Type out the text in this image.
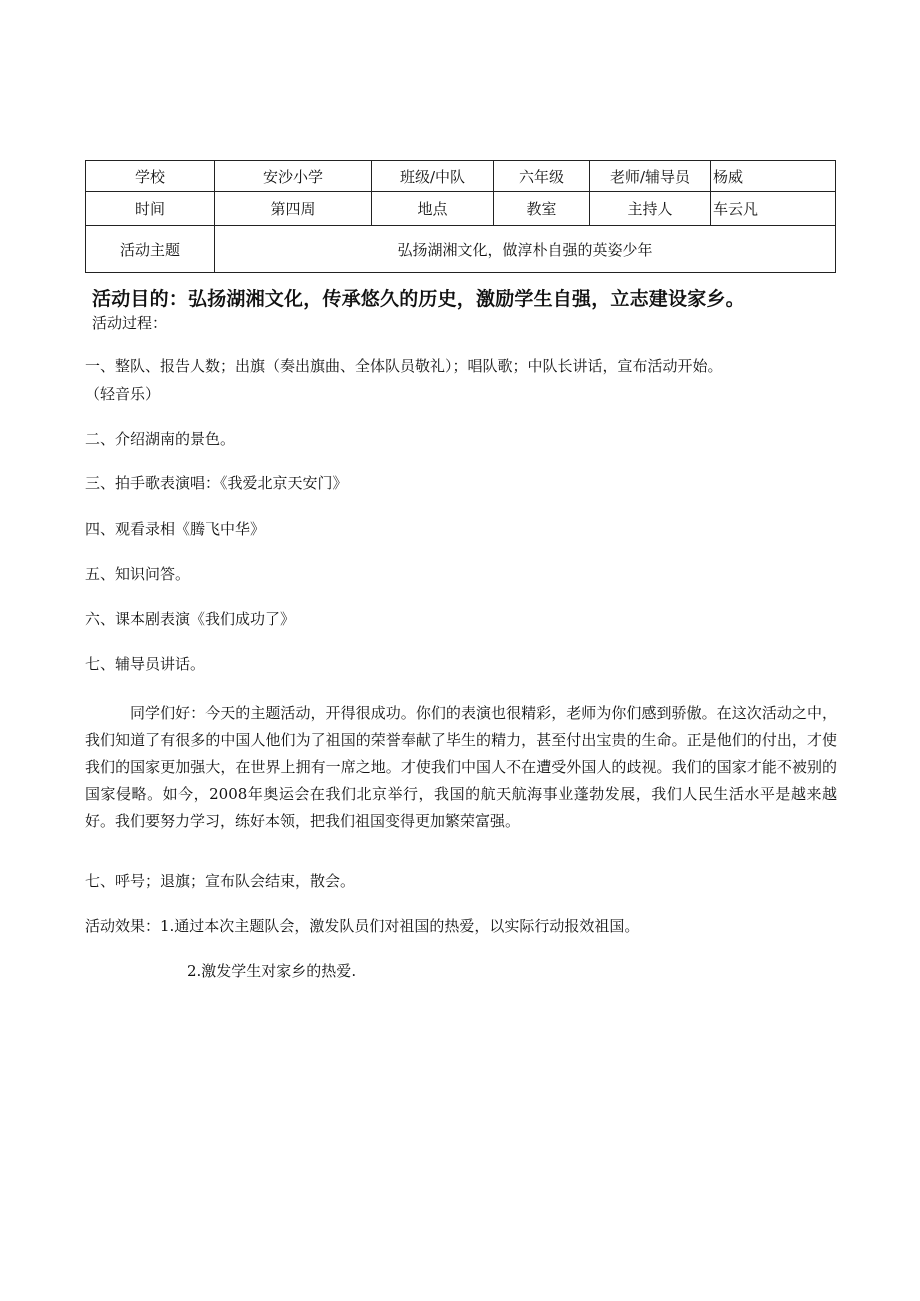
学校	安沙小学	班级/中队	六年级	老师/辅导员	杨威
时间	第四周	地点	教室	主持人	车云凡
活动主题	弘扬湖湘文化，做淳朴自强的英姿少年				
活动目的：弘扬湖湘文化，传承悠久的历史，激励学生自强，立志建设家乡。
活动过程：
一、整队、报告人数；出旗（奏出旗曲、全体队员敬礼）；唱队歌；中队长讲话，宣布活动开始。
（轻音乐）
二、介绍湖南的景色。
三、拍手歌表演唱：《我爱北京天安门》
四、观看录相《腾飞中华》
五、知识问答。
六、课本剧表演《我们成功了》
七、辅导员讲话。
同学们好：今天的主题活动，开得很成功。你们的表演也很精彩，老师为你们感到骄傲。在这次活动之中，我们知道了有很多的中国人他们为了祖国的荣誉奉献了毕生的精力，甚至付出宝贵的生命。正是他们的付出，才使我们的国家更加强大，在世界上拥有一席之地。才使我们中国人不在遭受外国人的歧视。我们的国家才能不被别的国家侵略。如今，2008年奥运会在我们北京举行，我国的航天航海事业蓬勃发展，我们人民生活水平是越来越好。我们要努力学习，练好本领，把我们祖国变得更加繁荣富强。
七、呼号；退旗；宣布队会结束，散会。
活动效果：1.通过本次主题队会，激发队员们对祖国的热爱，以实际行动报效祖国。
2.激发学生对家乡的热爱.
